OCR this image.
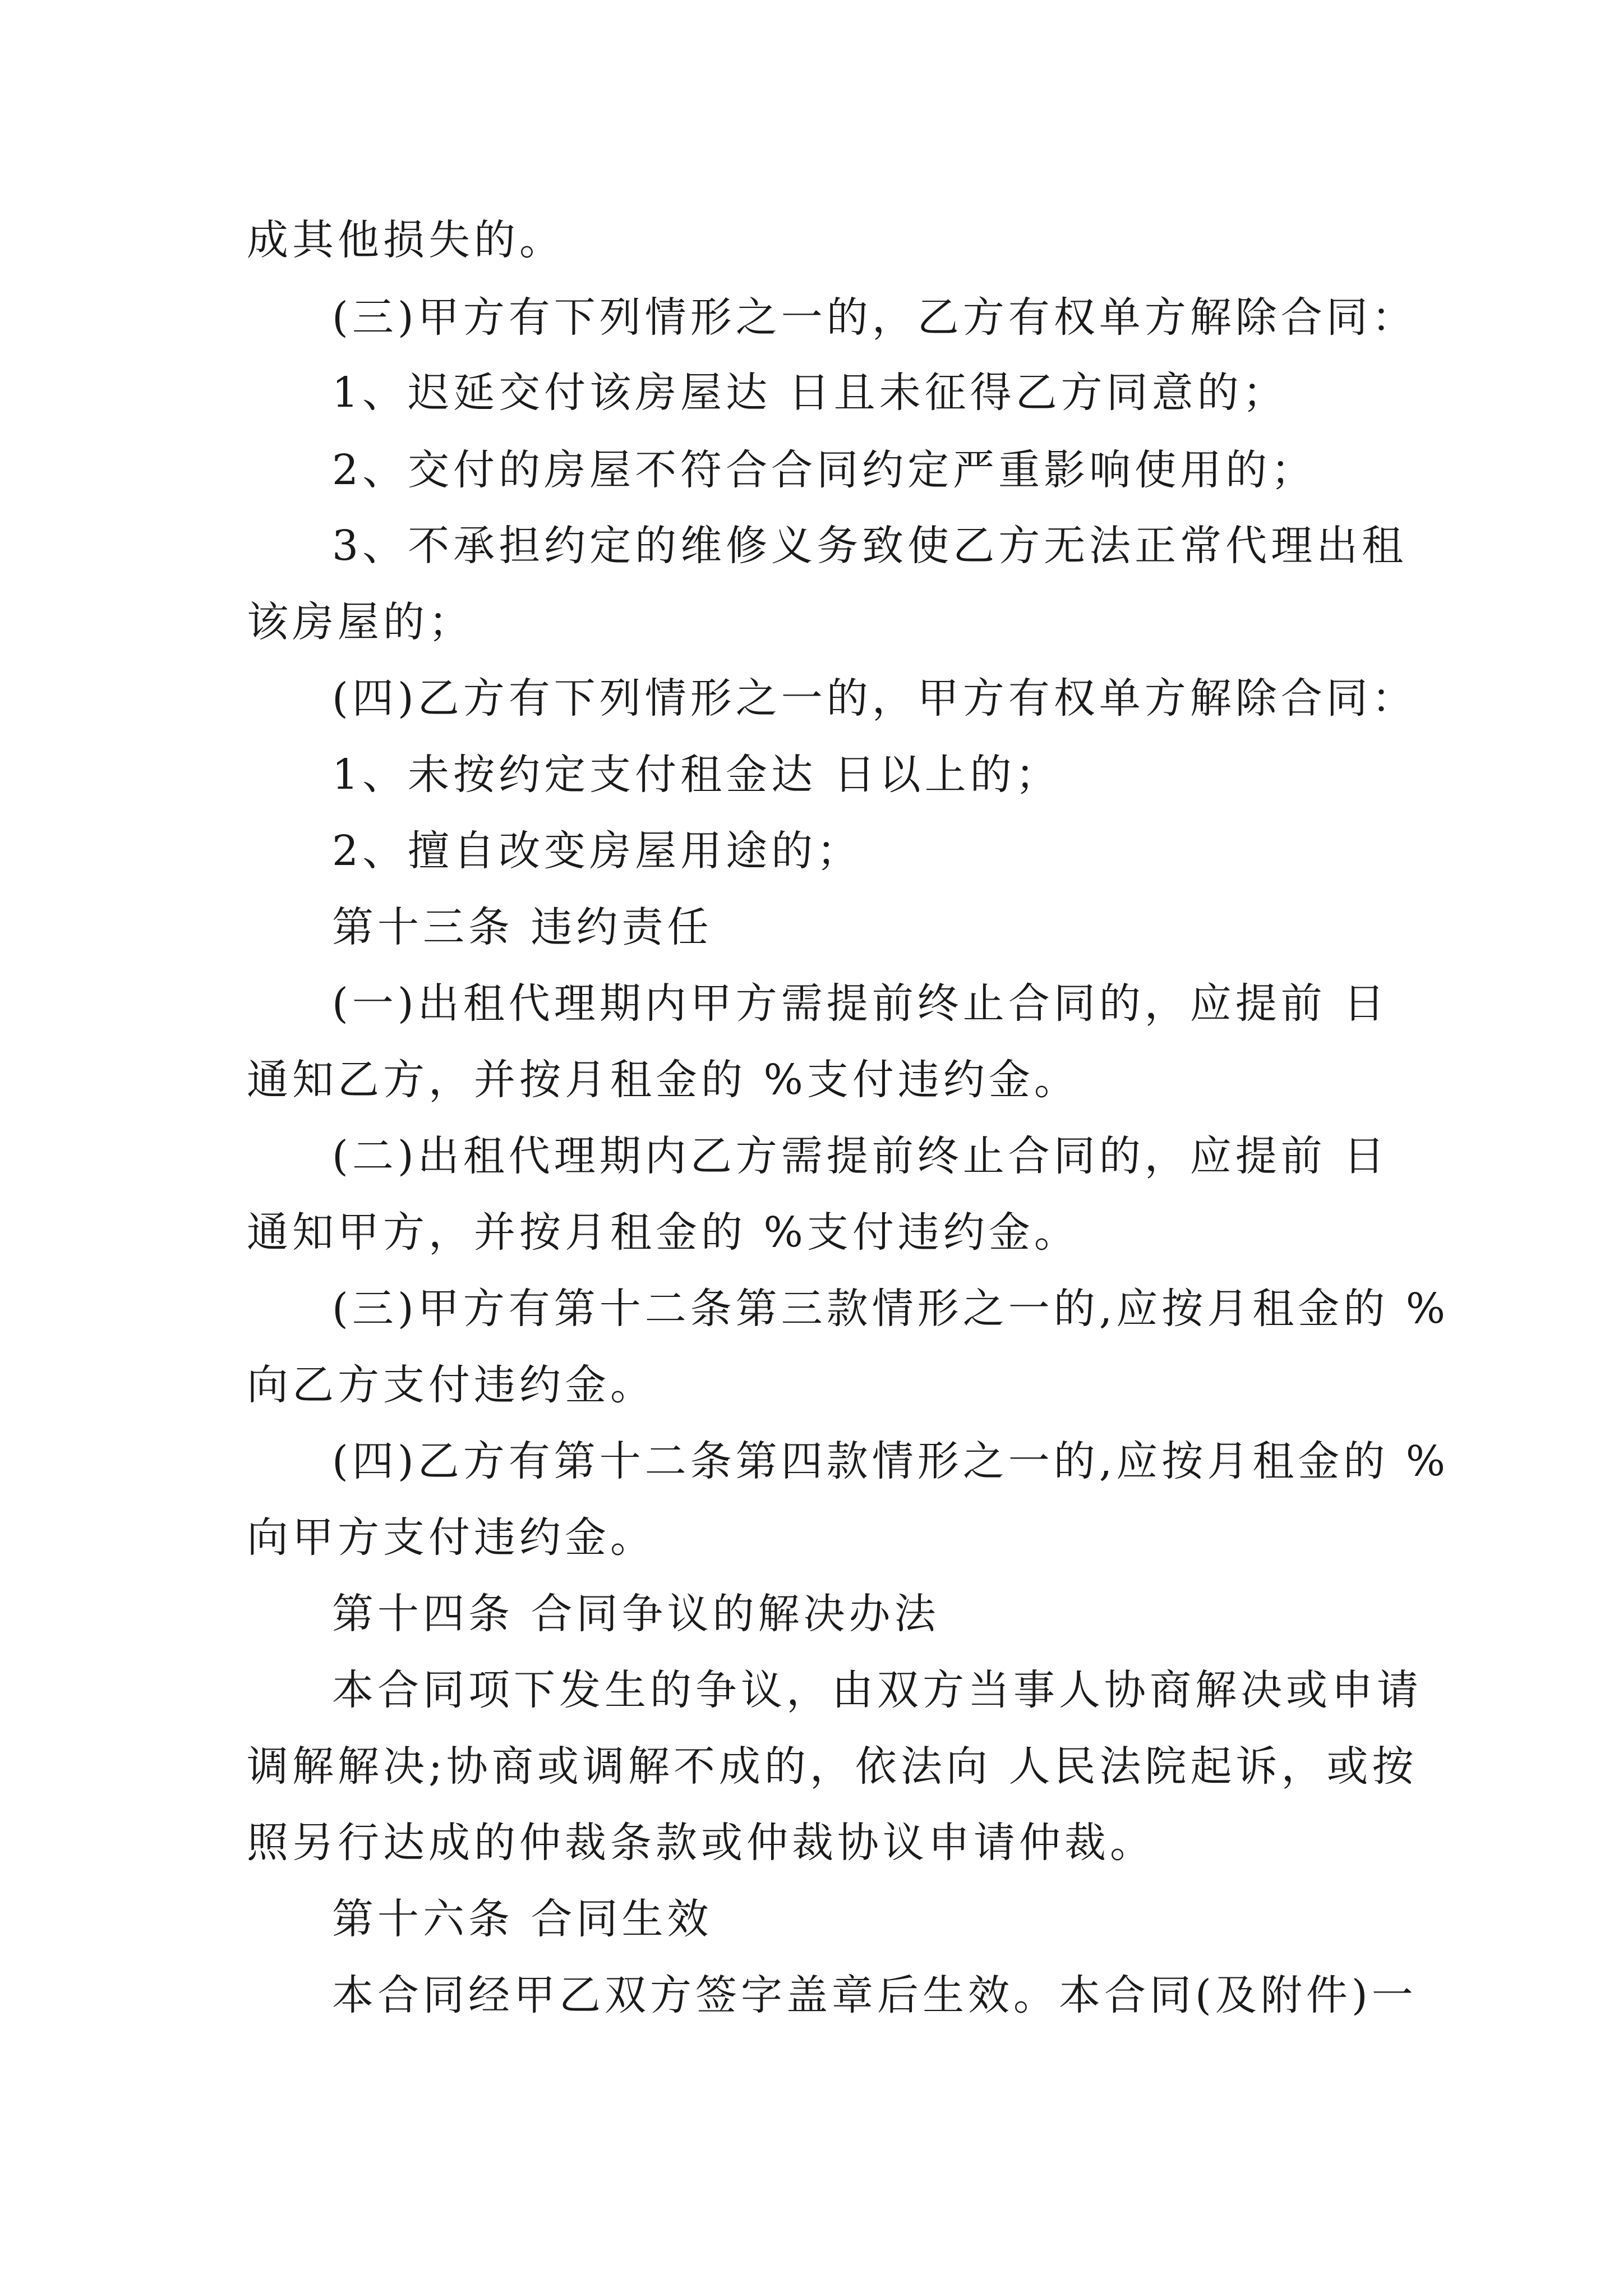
成其他损失的。
(三)甲方有下列情形之一的，乙方有权单方解除合同：
1、迟延交付该房屋达 日且未征得乙方同意的；
2、交付的房屋不符合合同约定严重影响使用的；
3、不承担约定的维修义务致使乙方无法正常代理出租
该房屋的；
(四)乙方有下列情形之一的，甲方有权单方解除合同：
1、未按约定支付租金达 日以上的；
2、擅自改变房屋用途的；
第十三条 违约责任
(一)出租代理期内甲方需提前终止合同的，应提前 日
通知乙方，并按月租金的 %支付违约金。
(二)出租代理期内乙方需提前终止合同的，应提前 日
通知甲方，并按月租金的 %支付违约金。
(三)甲方有第十二条第三款情形之一的,应按月租金的 %
向乙方支付违约金。
(四)乙方有第十二条第四款情形之一的,应按月租金的 %
向甲方支付违约金。
第十四条 合同争议的解决办法
本合同项下发生的争议，由双方当事人协商解决或申请
调解解决;协商或调解不成的，依法向 人民法院起诉，或按
照另行达成的仲裁条款或仲裁协议申请仲裁。
第十六条 合同生效
本合同经甲乙双方签字盖章后生效。本合同(及附件)一
